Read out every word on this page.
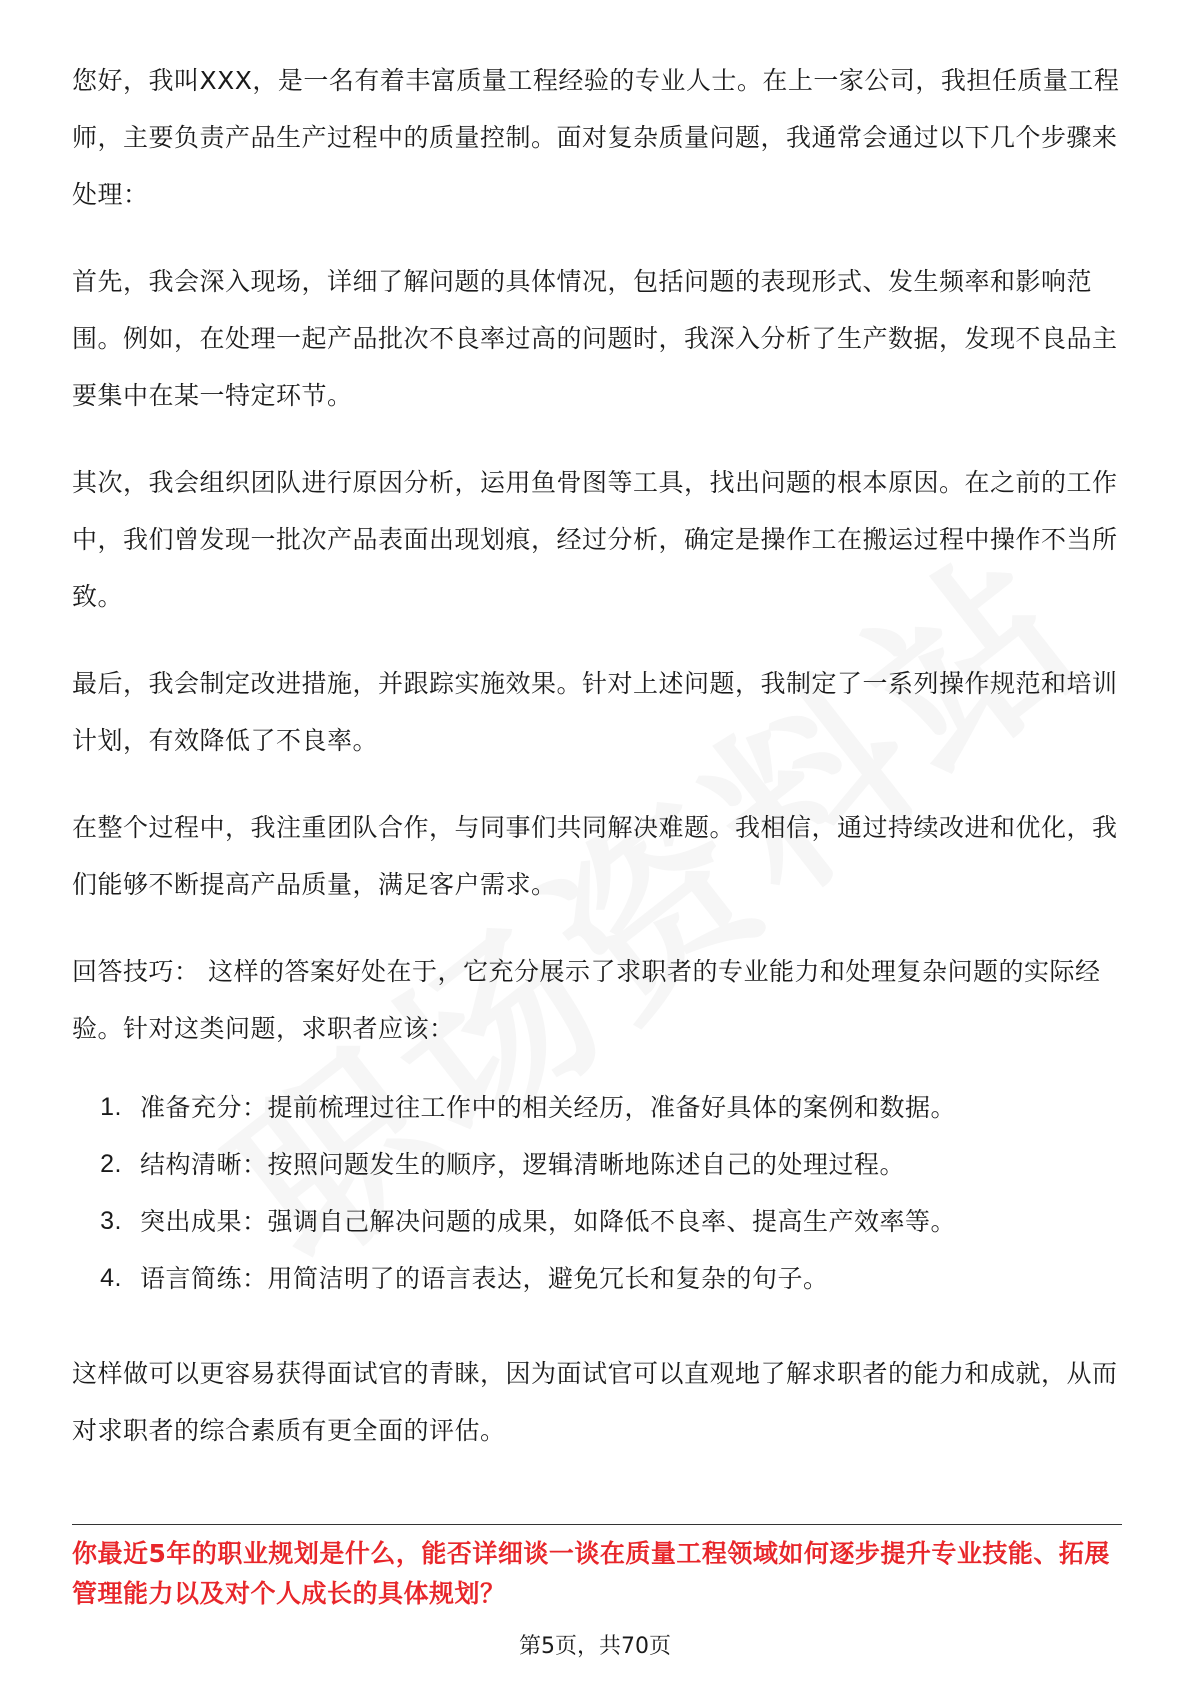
您好，我叫XXX，是一名有着丰富质量工程经验的专业人士。在上一家公司，我担任质量工程师，主要负责产品生产过程中的质量控制。面对复杂质量问题，我通常会通过以下几个步骤来处理：

首先，我会深入现场，详细了解问题的具体情况，包括问题的表现形式、发生频率和影响范围。例如，在处理一起产品批次不良率过高的问题时，我深入分析了生产数据，发现不良品主要集中在某一特定环节。

其次，我会组织团队进行原因分析，运用鱼骨图等工具，找出问题的根本原因。在之前的工作中，我们曾发现一批次产品表面出现划痕，经过分析，确定是操作工在搬运过程中操作不当所致。

最后，我会制定改进措施，并跟踪实施效果。针对上述问题，我制定了一系列操作规范和培训计划，有效降低了不良率。

在整个过程中，我注重团队合作，与同事们共同解决难题。我相信，通过持续改进和优化，我们能够不断提高产品质量，满足客户需求。

回答技巧： 这样的答案好处在于，它充分展示了求职者的专业能力和处理复杂问题的实际经验。针对这类问题，求职者应该：

1. 准备充分：提前梳理过往工作中的相关经历，准备好具体的案例和数据。
2. 结构清晰：按照问题发生的顺序，逻辑清晰地陈述自己的处理过程。
3. 突出成果：强调自己解决问题的成果，如降低不良率、提高生产效率等。
4. 语言简练：用简洁明了的语言表达，避免冗长和复杂的句子。

这样做可以更容易获得面试官的青睐，因为面试官可以直观地了解求职者的能力和成就，从而对求职者的综合素质有更全面的评估。

你最近5年的职业规划是什么，能否详细谈一谈在质量工程领域如何逐步提升专业技能、拓展管理能力以及对个人成长的具体规划？
第5页，共70页
